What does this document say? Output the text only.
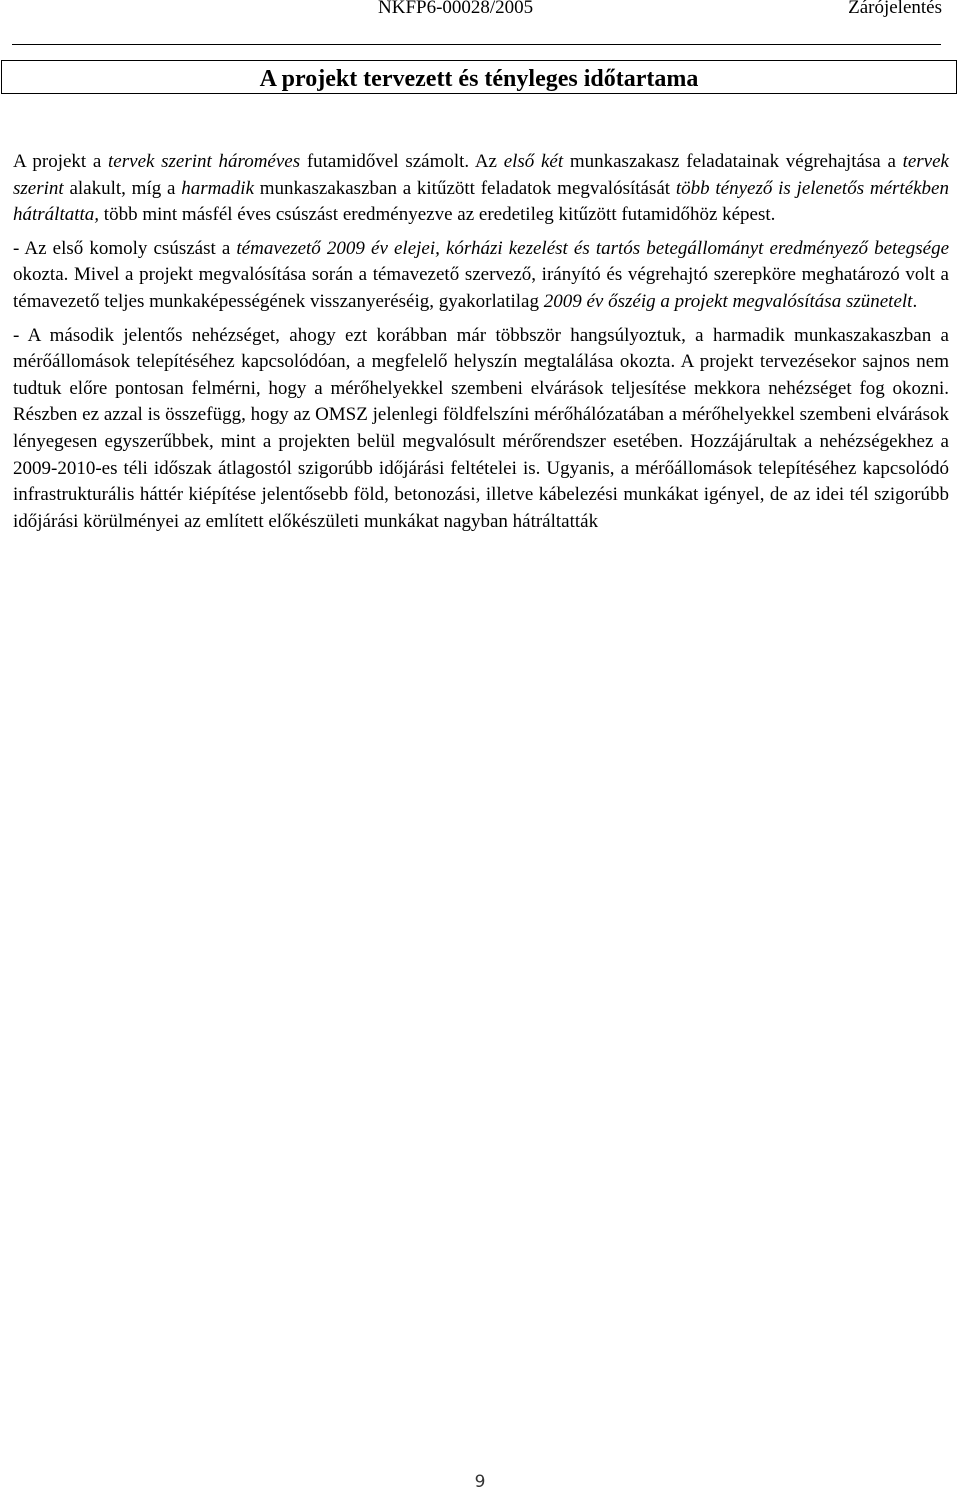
NKFP6-00028/2005	Zárójelentés
A projekt tervezett és tényleges időtartama

A projekt a tervek szerint hároméves futamidővel számolt. Az első két munkaszakasz feladatainak végrehajtása a tervek szerint alakult, míg a harmadik munkaszakaszban a kitűzött feladatok megvalósítását több tényező is jelenetős mértékben hátráltatta, több mint másfél éves csúszást eredményezve az eredetileg kitűzött futamidőhöz képest.

- Az első komoly csúszást a témavezető 2009 év elejei, kórházi kezelést és tartós betegállományt eredményező betegsége okozta. Mivel a projekt megvalósítása során a témavezető szervező, irányító és végrehajtó szerepköre meghatározó volt a témavezető teljes munkaképességének visszanyeréséig, gyakorlatilag 2009 év őszéig a projekt megvalósítása szünetelt.

- A második jelentős nehézséget, ahogy ezt korábban már többször hangsúlyoztuk, a harmadik munkaszakaszban a mérőállomások telepítéséhez kapcsolódóan, a megfelelő helyszín megtalálása okozta. A projekt tervezésekor sajnos nem tudtuk előre pontosan felmérni, hogy a mérőhelyekkel szembeni elvárások teljesítése mekkora nehézséget fog okozni. Részben ez azzal is összefügg, hogy az OMSZ jelenlegi földfelszíni mérőhálózatában a mérőhelyekkel szembeni elvárások lényegesen egyszerűbbek, mint a projekten belül megvalósult mérőrendszer esetében. Hozzájárultak a nehézségekhez a 2009-2010-es téli időszak átlagostól szigorúbb időjárási feltételei is. Ugyanis, a mérőállomások telepítéséhez kapcsolódó infrastrukturális háttér kiépítése jelentősebb föld, betonozási, illetve kábelezési munkákat igényel, de az idei tél szigorúbb időjárási körülményei az említett előkészületi munkákat nagyban hátráltatták

9
